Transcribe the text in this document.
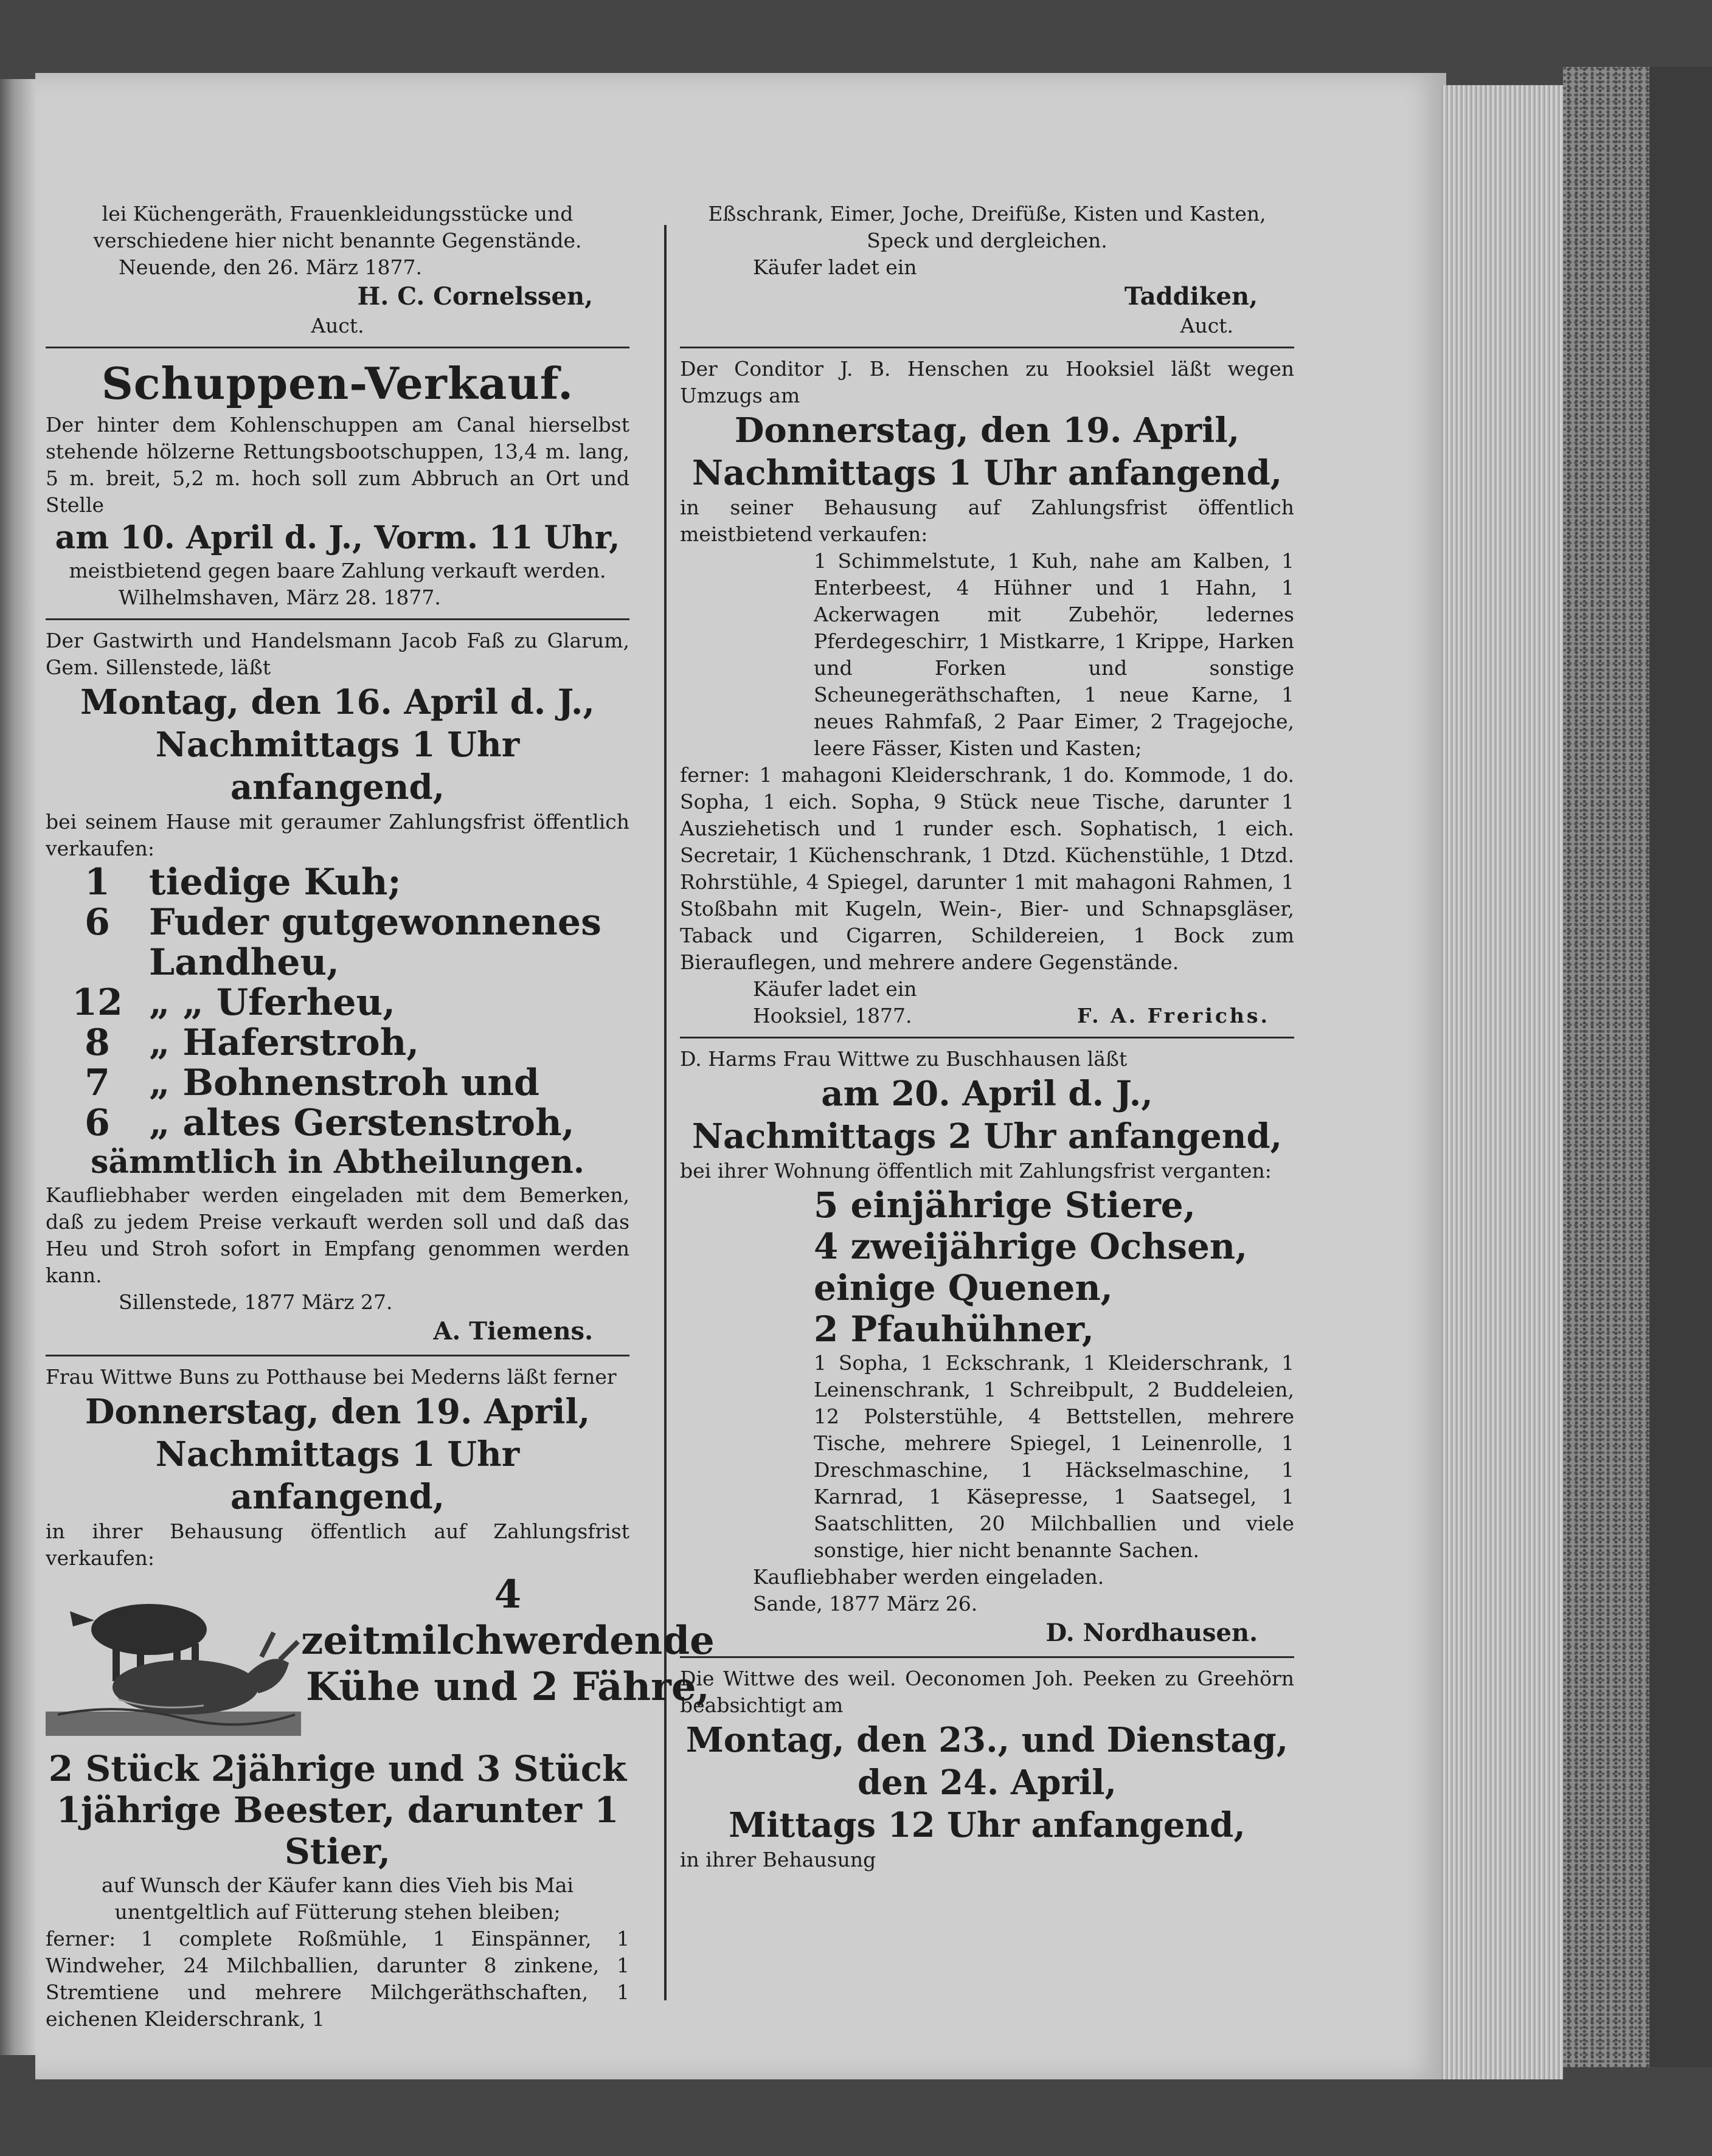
lei Küchengeräth, Frauenkleidungsstücke und

verschiedene hier nicht benannte Gegenstände.

Neuende, den 26. März 1877.

H. C. Cornelssen,

Auct.

Schuppen-Verkauf.

Der hinter dem Kohlenschuppen am Canal hierselbst stehende hölzerne Rettungsbootschuppen, 13,4 m. lang, 5 m. breit, 5,2 m. hoch soll zum Abbruch an Ort und Stelle

am 10. April d. J., Vorm. 11 Uhr,

meistbietend gegen baare Zahlung verkauft werden.

Wilhelmshaven, März 28. 1877.

Der Gastwirth und Handelsmann Jacob Faß zu Glarum, Gem. Sillenstede, läßt

Montag, den 16. April d. J.,

Nachmittags 1 Uhr anfangend,

bei seinem Hause mit geraumer Zahlungsfrist öffentlich verkaufen:

1	tiedige Kuh;
6	Fuder gutgewonnenes Landheu,
12	„ „ Uferheu,
8	„ Haferstroh,
7	„ Bohnenstroh und
6	„ altes Gerstenstroh,

sämmtlich in Abtheilungen.

Kaufliebhaber werden eingeladen mit dem Bemerken, daß zu jedem Preise verkauft werden soll und daß das Heu und Stroh sofort in Empfang genommen werden kann.

Sillenstede, 1877 März 27.

A. Tiemens.

Frau Wittwe Buns zu Potthause bei Mederns läßt ferner

Donnerstag, den 19. April,

Nachmittags 1 Uhr anfangend,

in ihrer Behausung öffentlich auf Zahlungsfrist verkaufen:

4 zeitmilchwerdende Kühe und 2 Fähre,

2 Stück 2jährige und 3 Stück 1jährige Beester, darunter 1 Stier,

auf Wunsch der Käufer kann dies Vieh bis Mai unentgeltlich auf Fütterung stehen bleiben;

ferner: 1 complete Roßmühle, 1 Einspänner, 1 Windweher, 24 Milchballien, darunter 8 zinkene, 1 Stremtiene und mehrere Milchgeräthschaften, 1 eichenen Kleiderschrank, 1

Eßschrank, Eimer, Joche, Dreifüße, Kisten und Kasten, Speck und dergleichen.

Käufer ladet ein

Taddiken,

Auct.

Der Conditor J. B. Henschen zu Hooksiel läßt wegen Umzugs am

Donnerstag, den 19. April,

Nachmittags 1 Uhr anfangend,

in seiner Behausung auf Zahlungsfrist öffentlich meistbietend verkaufen:

1 Schimmelstute, 1 Kuh, nahe am Kalben, 1 Enterbeest, 4 Hühner und 1 Hahn, 1 Ackerwagen mit Zubehör, ledernes Pferdegeschirr, 1 Mistkarre, 1 Krippe, Harken und Forken und sonstige Scheunegeräthschaften, 1 neue Karne, 1 neues Rahmfaß, 2 Paar Eimer, 2 Tragejoche, leere Fässer, Kisten und Kasten;

ferner: 1 mahagoni Kleiderschrank, 1 do. Kommode, 1 do. Sopha, 1 eich. Sopha, 9 Stück neue Tische, darunter 1 Ausziehetisch und 1 runder esch. Sophatisch, 1 eich. Secretair, 1 Küchenschrank, 1 Dtzd. Küchenstühle, 1 Dtzd. Rohrstühle, 4 Spiegel, darunter 1 mit mahagoni Rahmen, 1 Stoßbahn mit Kugeln, Wein-, Bier- und Schnapsgläser, Taback und Cigarren, Schildereien, 1 Bock zum Bierauflegen, und mehrere andere Gegenstände.

Käufer ladet ein

Hooksiel, 1877.	F. A. Frerichs.

D. Harms Frau Wittwe zu Buschhausen läßt

am 20. April d. J.,

Nachmittags 2 Uhr anfangend,

bei ihrer Wohnung öffentlich mit Zahlungsfrist verganten:

5 einjährige Stiere,

4 zweijährige Ochsen,

einige Quenen,

2 Pfauhühner,

1 Sopha, 1 Eckschrank, 1 Kleiderschrank, 1 Leinenschrank, 1 Schreibpult, 2 Buddeleien, 12 Polsterstühle, 4 Bettstellen, mehrere Tische, mehrere Spiegel, 1 Leinenrolle, 1 Dreschmaschine, 1 Häckselmaschine, 1 Karnrad, 1 Käsepresse, 1 Saatsegel, 1 Saatschlitten, 20 Milchballien und viele sonstige, hier nicht benannte Sachen.

Kaufliebhaber werden eingeladen.

Sande, 1877 März 26.

D. Nordhausen.

Die Wittwe des weil. Oeconomen Joh. Peeken zu Greehörn beabsichtigt am

Montag, den 23., und Dienstag,

den 24. April,

Mittags 12 Uhr anfangend,

in ihrer Behausung
